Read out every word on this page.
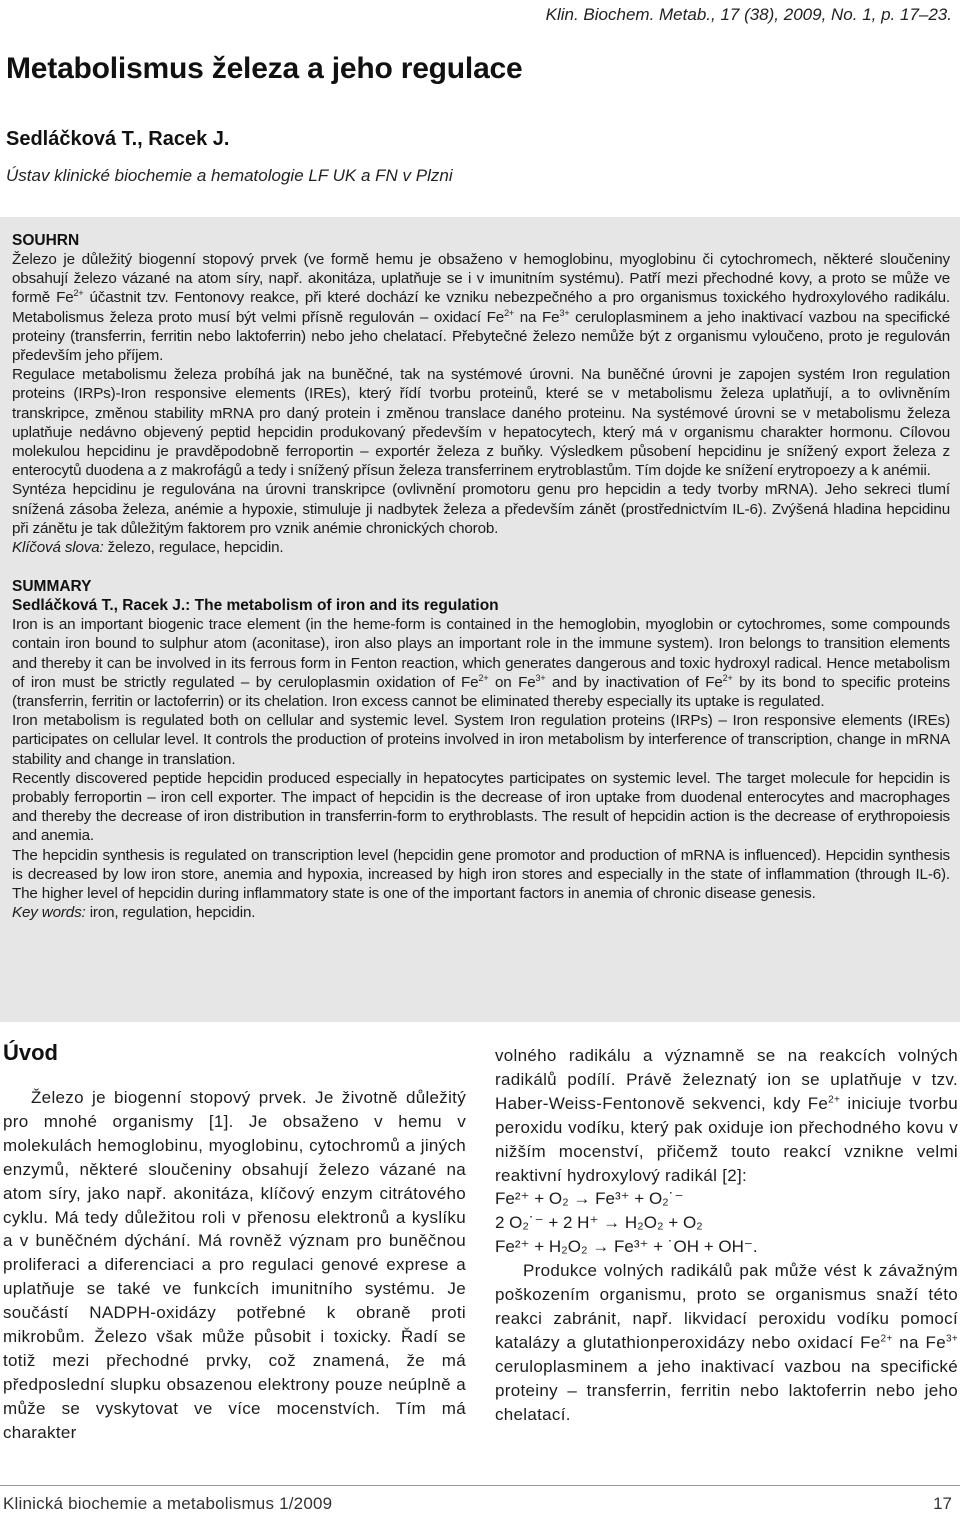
Klin. Biochem. Metab., 17 (38), 2009, No. 1, p. 17–23.
Metabolismus železa a jeho regulace
Sedláčková T., Racek J.
Ústav klinické biochemie a hematologie LF UK a FN v Plzni
SOUHRN

Železo je důležitý biogenní stopový prvek (ve formě hemu je obsaženo v hemoglobinu, myoglobinu či cytochromech, některé sloučeniny obsahují železo vázané na atom síry, např. akonitáza, uplatňuje se i v imunitním systému). Patří mezi přechodné kovy, a proto se může ve formě $Fe^{2+}$ účastnit tzv. Fentonovy reakce, při které dochází ke vzniku nebezpečného a pro organismus toxického hydroxylového radikálu. Metabolismus železa proto musí být velmi přísně regulován – oxidací $Fe^{2+}$ na $Fe^{3+}$ ceruloplasminem a jeho inaktivací vazbou na specifické proteiny (transferrin, ferritin nebo laktoferrin) nebo jeho chelatací. Přebytečné železo nemůže být z organismu vyloučeno, proto je regulován především jeho příjem.

Regulace metabolismu železa probíhá jak na buněčné, tak na systémové úrovni. Na buněčné úrovni je zapojen systém Iron regulation proteins (IRPs)-Iron responsive elements (IREs), který řídí tvorbu proteinů, které se v metabolismu železa uplatňují, a to ovlivněním transkripce, změnou stability mRNA pro daný protein i změnou translace daného proteinu. Na systémové úrovni se v metabolismu železa uplatňuje nedávno objevený peptid hepcidin produkovaný především v hepatocytech, který má v organismu charakter hormonu. Cílovou molekulou hepcidinu je pravděpodobně ferroportin – exportér železa z buňky. Výsledkem působení hepcidinu je snížený export železa z enterocytů duodena a z makrofágů a tedy i snížený přísun železa transferrinem erytroblastům. Tím dojde ke snížení erytropoezy a k anémii.

Syntéza hepcidinu je regulována na úrovni transkripce (ovlivnění promotoru genu pro hepcidin a tedy tvorby mRNA). Jeho sekreci tlumí snížená zásoba železa, anémie a hypoxie, stimuluje ji nadbytek železa a především zánět (prostřednictvím IL-6). Zvýšená hladina hepcidinu při zánětu je tak důležitým faktorem pro vznik anémie chronických chorob.

Klíčová slova: železo, regulace, hepcidin.

SUMMARY
Sedláčková T., Racek J.: The metabolism of iron and its regulation

Iron is an important biogenic trace element (in the heme-form is contained in the hemoglobin, myoglobin or cytochromes, some compounds contain iron bound to sulphur atom (aconitase), iron also plays an important role in the immune system). Iron belongs to transition elements and thereby it can be involved in its ferrous form in Fenton reaction, which generates dangerous and toxic hydroxyl radical. Hence metabolism of iron must be strictly regulated – by ceruloplasmin oxidation of $Fe^{2+}$ on $Fe^{3+}$ and by inactivation of $Fe^{2+}$ by its bond to specific proteins (transferrin, ferritin or lactoferrin) or its chelation. Iron excess cannot be eliminated thereby especially its uptake is regulated.

Iron metabolism is regulated both on cellular and systemic level. System Iron regulation proteins (IRPs) – Iron responsive elements (IREs) participates on cellular level. It controls the production of proteins involved in iron metabolism by interference of transcription, change in mRNA stability and change in translation.

Recently discovered peptide hepcidin produced especially in hepatocytes participates on systemic level. The target molecule for hepcidin is probably ferroportin – iron cell exporter. The impact of hepcidin is the decrease of iron uptake from duodenal enterocytes and macrophages and thereby the decrease of iron distribution in transferrin-form to erythroblasts. The result of hepcidin action is the decrease of erythropoiesis and anemia.

The hepcidin synthesis is regulated on transcription level (hepcidin gene promotor and production of mRNA is influenced). Hepcidin synthesis is decreased by low iron store, anemia and hypoxia, increased by high iron stores and especially in the state of inflammation (through IL-6). The higher level of hepcidin during inflammatory state is one of the important factors in anemia of chronic disease genesis.

Key words: iron, regulation, hepcidin.

Úvod

Železo je biogenní stopový prvek. Je životně důležitý pro mnohé organismy [1]. Je obsaženo v hemu v molekulách hemoglobinu, myoglobinu, cytochromů a jiných enzymů, některé sloučeniny obsahují železo vázané na atom síry, jako např. akonitáza, klíčový enzym citrátového cyklu. Má tedy důležitou roli v přenosu elektronů a kyslíku a v buněčném dýchání. Má rovněž význam pro buněčnou proliferaci a diferenciaci a pro regulaci genové exprese a uplatňuje se také ve funkcích imunitního systému. Je součástí NADPH-oxidázy potřebné k obraně proti mikrobům. Železo však může působit i toxicky. Řadí se totiž mezi přechodné prvky, což znamená, že má předposlední slupku obsazenou elektrony pouze neúplně a může se vyskytovat ve více mocenstvích. Tím má charakter

volného radikálu a významně se na reakcích volných radikálů podílí. Právě železnatý ion se uplatňuje v tzv. Haber-Weiss-Fentonově sekvenci, kdy $Fe^{2+}$ iniciuje tvorbu peroxidu vodíku, který pak oxiduje ion přechodného kovu v nižším mocenství, přičemž touto reakcí vznikne velmi reaktivní hydroxylový radikál [2]:

Fe²⁺ + O₂ → Fe³⁺ + O₂˙⁻

2 O₂˙⁻ + 2 H⁺ → H₂O₂ + O₂

Fe²⁺ + H₂O₂ → Fe³⁺ + ˙OH + OH⁻.

Produkce volných radikálů pak může vést k závažným poškozením organismu, proto se organismus snaží této reakci zabránit, např. likvidací peroxidu vodíku pomocí katalázy a glutathionperoxidázy nebo oxidací $Fe^{2+}$ na $Fe^{3+}$ ceruloplasminem a jeho inaktivací vazbou na specifické proteiny – transferrin, ferritin nebo laktoferrin nebo jeho chelatací.

Klinická biochemie a metabolismus 1/2009	17
